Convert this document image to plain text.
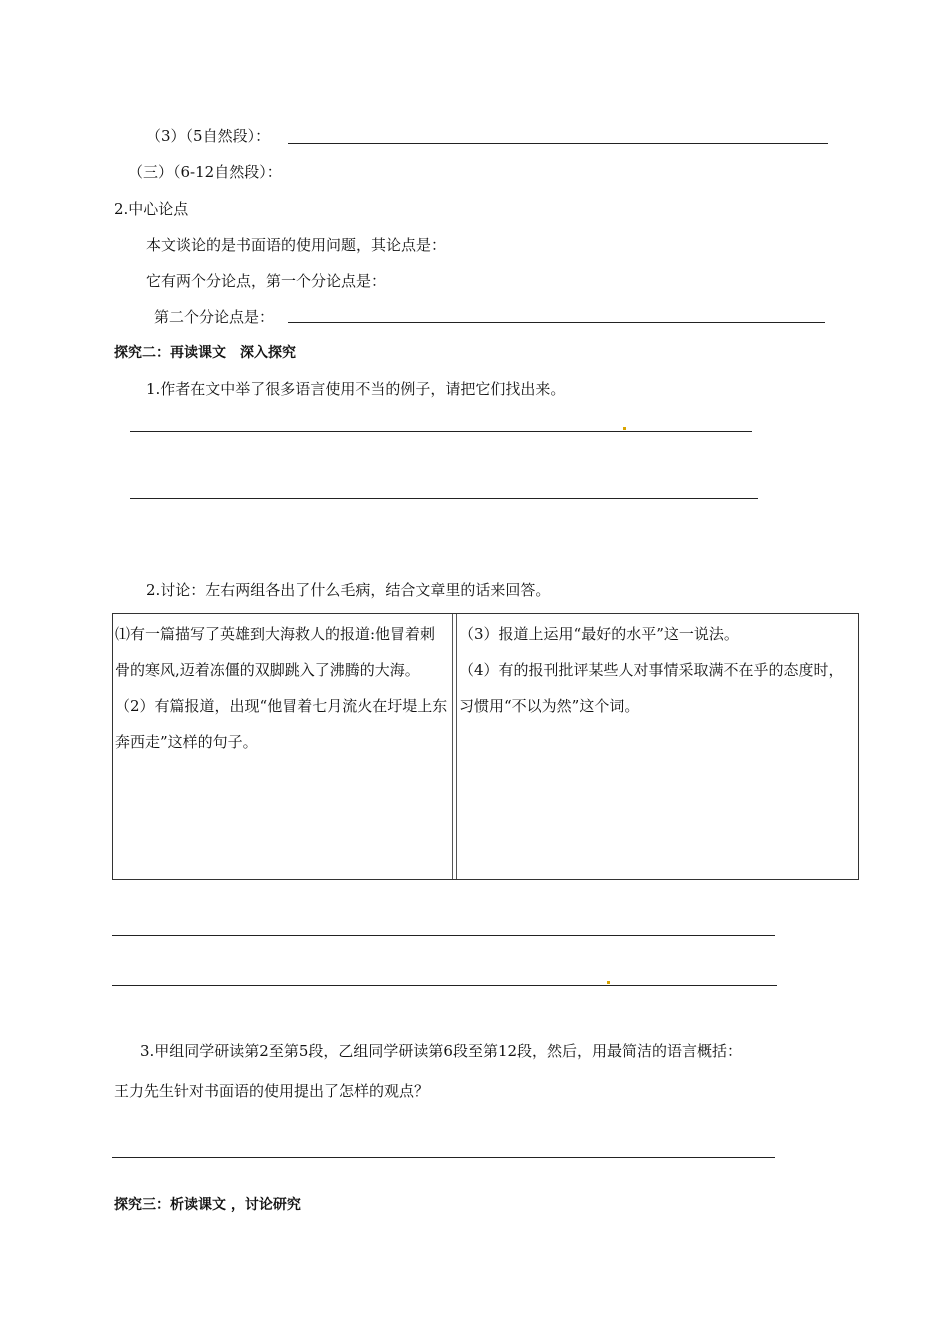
（3）（5自然段）：
（三）（6-12自然段）：
2.中心论点
本文谈论的是书面语的使用问题，其论点是：
它有两个分论点，第一个分论点是：
第二个分论点是：
探究二：再读课文　深入探究
1.作者在文中举了很多语言使用不当的例子，请把它们找出来。
2.讨论：左右两组各出了什么毛病，结合文章里的话来回答。

⑴有一篇描写了英雄到大海救人的报道:他冒着刺骨的寒风,迈着冻僵的双脚跳入了沸腾的大海。

（2）有篇报道，出现“他冒着七月流火在圩堤上东奔西走”这样的句子。

（3）报道上运用“最好的水平”这一说法。

（4）有的报刊批评某些人对事情采取满不在乎的态度时，习惯用“不以为然”这个词。

3.甲组同学研读第2至第5段，乙组同学研读第6段至第12段，然后，用最简洁的语言概括：
王力先生针对书面语的使用提出了怎样的观点？
探究三：析读课文 ，讨论研究
